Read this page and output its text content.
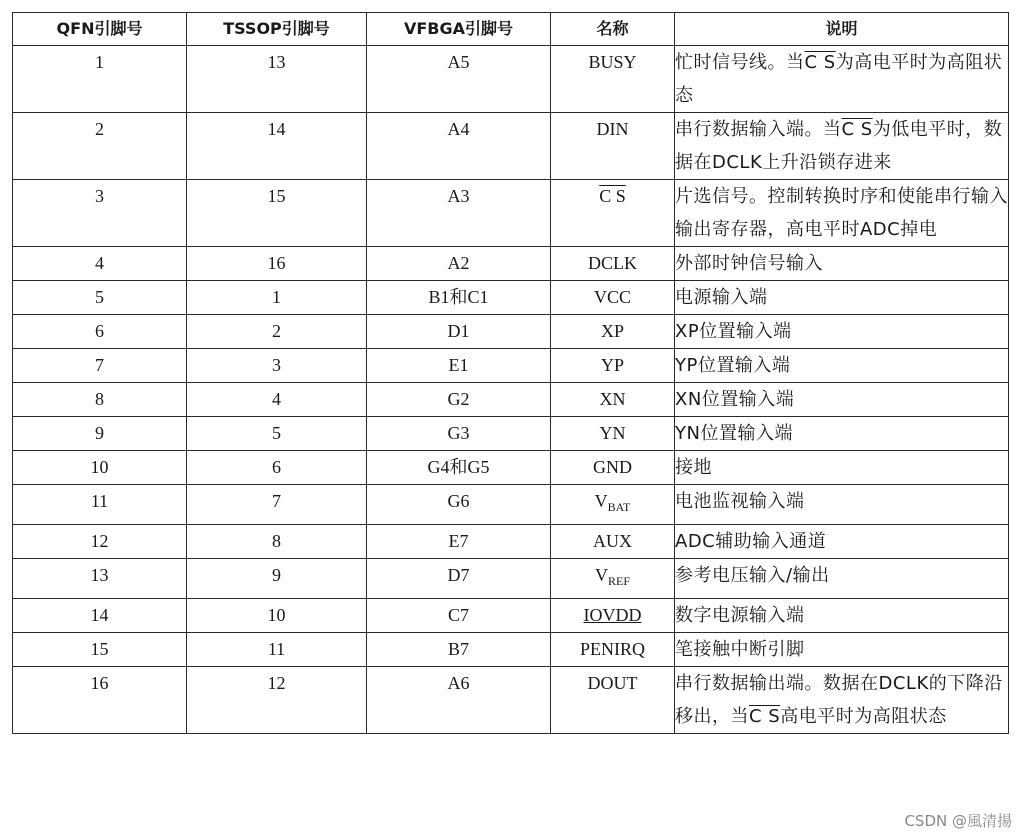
QFN引脚号	TSSOP引脚号	VFBGA引脚号	名称	说明
1	13	A5	BUSY	忙时信号线。当C S为高电平时为高阻状态
2	14	A4	DIN	串行数据输入端。当C S为低电平时，数据在DCLK上升沿锁存进来
3	15	A3	C S	片选信号。控制转换时序和使能串行输入输出寄存器，高电平时ADC掉电
4	16	A2	DCLK	外部时钟信号输入
5	1	B1和C1	VCC	电源输入端
6	2	D1	XP	XP位置输入端
7	3	E1	YP	YP位置输入端
8	4	G2	XN	XN位置输入端
9	5	G3	YN	YN位置输入端
10	6	G4和G5	GND	接地
11	7	G6	$V_{BAT}$	电池监视输入端
12	8	E7	AUX	ADC辅助输入通道
13	9	D7	$V_{REF}$	参考电压输入/输出
14	10	C7	IOVDD	数字电源输入端
15	11	B7	PENIRQ	笔接触中断引脚
16	12	A6	DOUT	串行数据输出端。数据在DCLK的下降沿移出，当C S高电平时为高阻状态
CSDN @風清揚
